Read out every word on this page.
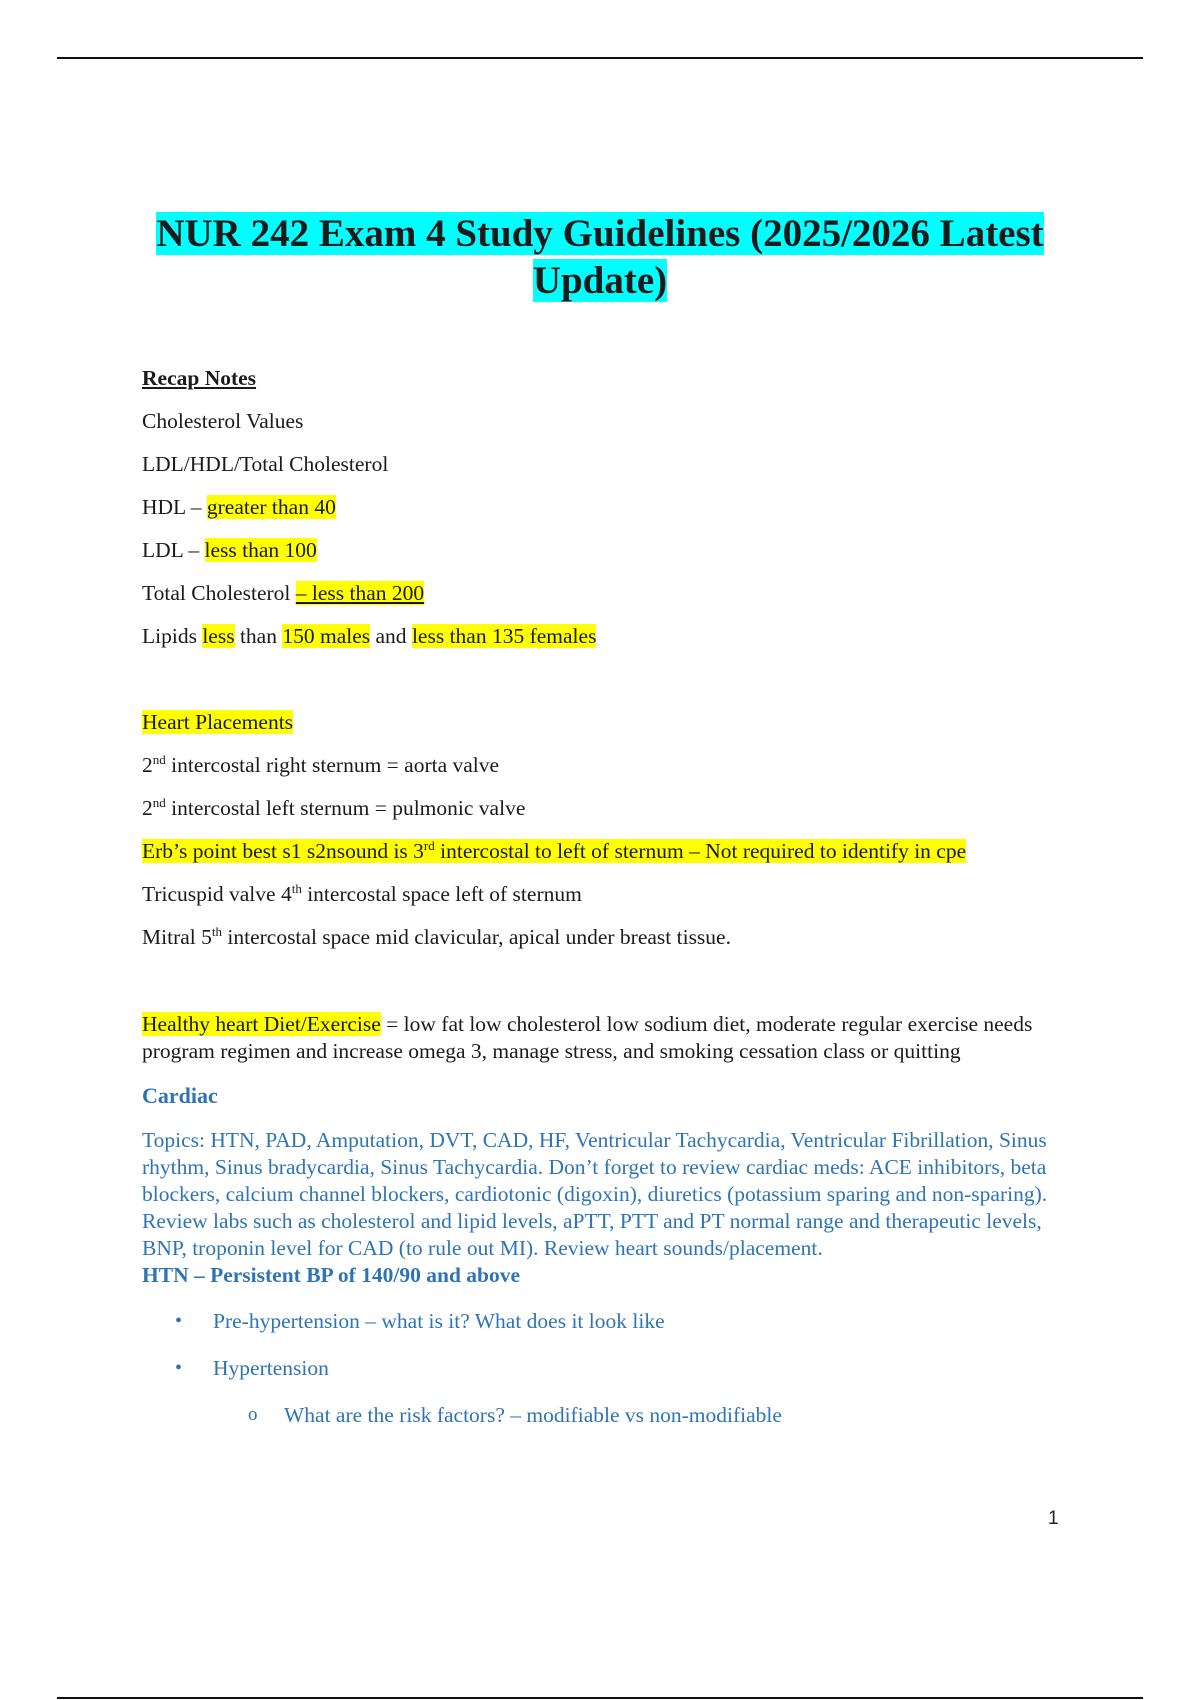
NUR 242 Exam 4 Study Guidelines (2025/2026 Latest Update)
Recap Notes
Cholesterol Values
LDL/HDL/Total Cholesterol
HDL – greater than 40
LDL – less than 100
Total Cholesterol – less than 200
Lipids less than 150 males and less than 135 females
Heart Placements
2nd intercostal right sternum = aorta valve
2nd intercostal left sternum = pulmonic valve
Erb’s point best s1 s2nsound is 3rd intercostal to left of sternum – Not required to identify in cpe
Tricuspid valve 4th intercostal space left of sternum
Mitral 5th intercostal space mid clavicular, apical under breast tissue.
Healthy heart Diet/Exercise = low fat low cholesterol low sodium diet, moderate regular exercise needs program regimen and increase omega 3, manage stress, and smoking cessation class or quitting
Cardiac
Topics: HTN, PAD, Amputation, DVT, CAD, HF, Ventricular Tachycardia, Ventricular Fibrillation, Sinus rhythm, Sinus bradycardia, Sinus Tachycardia. Don’t forget to review cardiac meds: ACE inhibitors, beta blockers, calcium channel blockers, cardiotonic (digoxin), diuretics (potassium sparing and non-sparing). Review labs such as cholesterol and lipid levels, aPTT, PTT and PT normal range and therapeutic levels, BNP, troponin level for CAD (to rule out MI). Review heart sounds/placement.
HTN – Persistent BP of 140/90 and above
• Pre-hypertension – what is it? What does it look like
• Hypertension
o What are the risk factors? – modifiable vs non-modifiable
1
